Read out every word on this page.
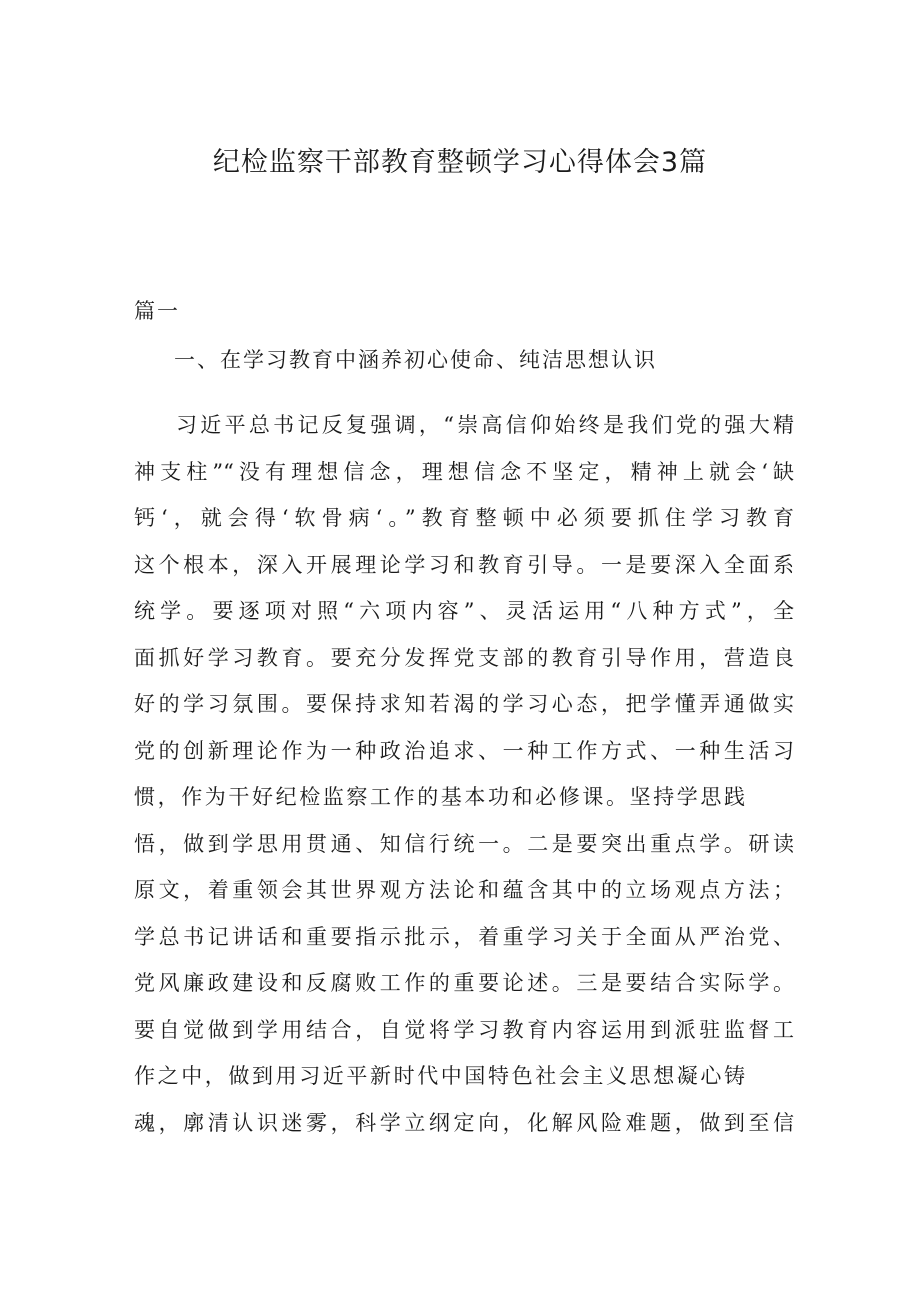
纪检监察干部教育整顿学习心得体会3篇
篇一
一、在学习教育中涵养初心使命、纯洁思想认识
习近平总书记反复强调，“崇高信仰始终是我们党的强大精
神支柱”“没有理想信念，理想信念不坚定，精神上就会‘缺
钙‘，就会得‘软骨病‘。”教育整顿中必须要抓住学习教育
这个根本，深入开展理论学习和教育引导。一是要深入全面系
统学。要逐项对照“六项内容”、灵活运用“八种方式”，全
面抓好学习教育。要充分发挥党支部的教育引导作用，营造良
好的学习氛围。要保持求知若渴的学习心态，把学懂弄通做实
党的创新理论作为一种政治追求、一种工作方式、一种生活习
惯，作为干好纪检监察工作的基本功和必修课。坚持学思践
悟，做到学思用贯通、知信行统一。二是要突出重点学。研读
原文，着重领会其世界观方法论和蕴含其中的立场观点方法；
学总书记讲话和重要指示批示，着重学习关于全面从严治党、
党风廉政建设和反腐败工作的重要论述。三是要结合实际学。
要自觉做到学用结合，自觉将学习教育内容运用到派驻监督工
作之中，做到用习近平新时代中国特色社会主义思想凝心铸
魂，廓清认识迷雾，科学立纲定向，化解风险难题，做到至信
